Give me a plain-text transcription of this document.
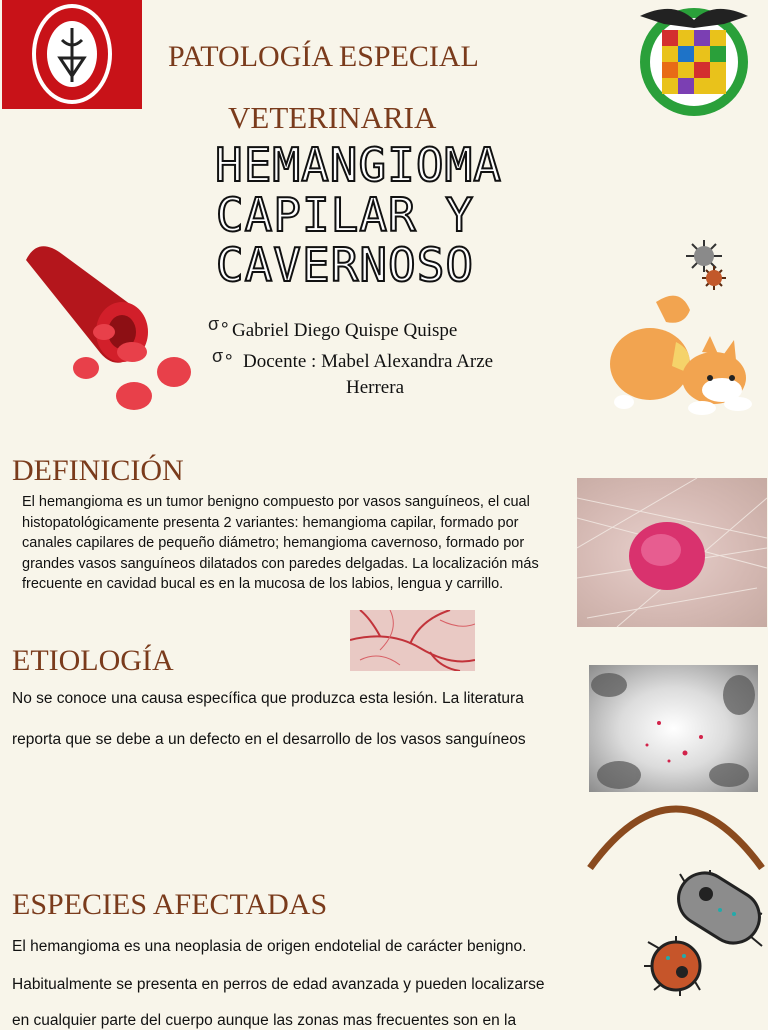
PATOLOGÍA ESPECIAL
VETERINARIA
HEMANGIOMA
CAPILAR Y
CAVERNOSO
σ∘ Gabriel Diego Quispe Quispe
σ∘ Docente : Mabel Alexandra Arze
Herrera
DEFINICIÓN
El hemangioma es un tumor benigno compuesto por vasos sanguíneos, el cual histopatológicamente presenta 2 variantes: hemangioma capilar, formado por canales capilares de pequeño diámetro; hemangioma cavernoso, formado por grandes vasos sanguíneos dilatados con paredes delgadas. La localización más frecuente en cavidad bucal es en la mucosa de los labios, lengua y carrillo.
ETIOLOGÍA
No se conoce una causa específica que produzca esta lesión. La literatura
reporta que se debe a un defecto en el desarrollo de los vasos sanguíneos
ESPECIES AFECTADAS
El hemangioma es una neoplasia de origen endotelial de carácter benigno.
Habitualmente se presenta en perros de edad avanzada y pueden localizarse
en cualquier parte del cuerpo aunque las zonas mas frecuentes son en la
